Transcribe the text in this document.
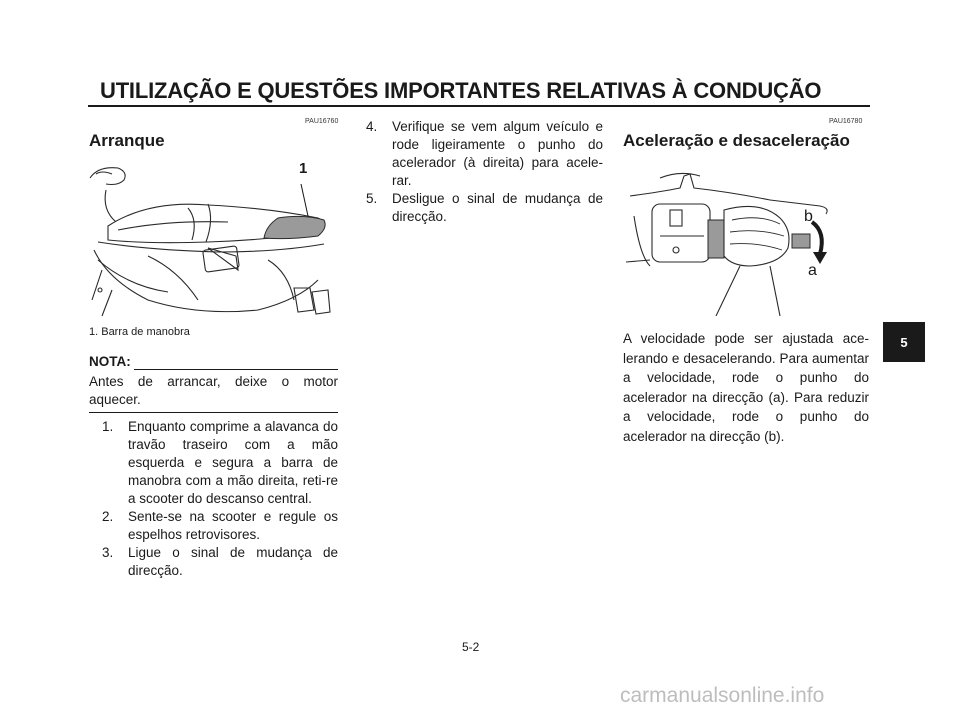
UTILIZAÇÃO E QUESTÕES IMPORTANTES RELATIVAS À CONDUÇÃO
PAU16760
Arranque
1
1. Barra de manobra
NOTA:
Antes de arrancar, deixe o motor aquecer.
1. Enquanto comprime a alavanca do travão traseiro com a mão esquerda e segura a barra de manobra com a mão direita, reti-re a scooter do descanso central.
2. Sente-se na scooter e regule os espelhos retrovisores.
3. Ligue o sinal de mudança de direcção.
4. Verifique se vem algum veículo e rode ligeiramente o punho do acelerador (à direita) para acele-rar.
5. Desligue o sinal de mudança de direcção.
PAU16780
Aceleração e desaceleração
b
a
A velocidade pode ser ajustada ace-lerando e desacelerando. Para aumentar a velocidade, rode o punho do acelerador na direcção (a). Para reduzir a velocidade, rode o punho do acelerador na direcção (b).
5-2
5
carmanualsonline.info
